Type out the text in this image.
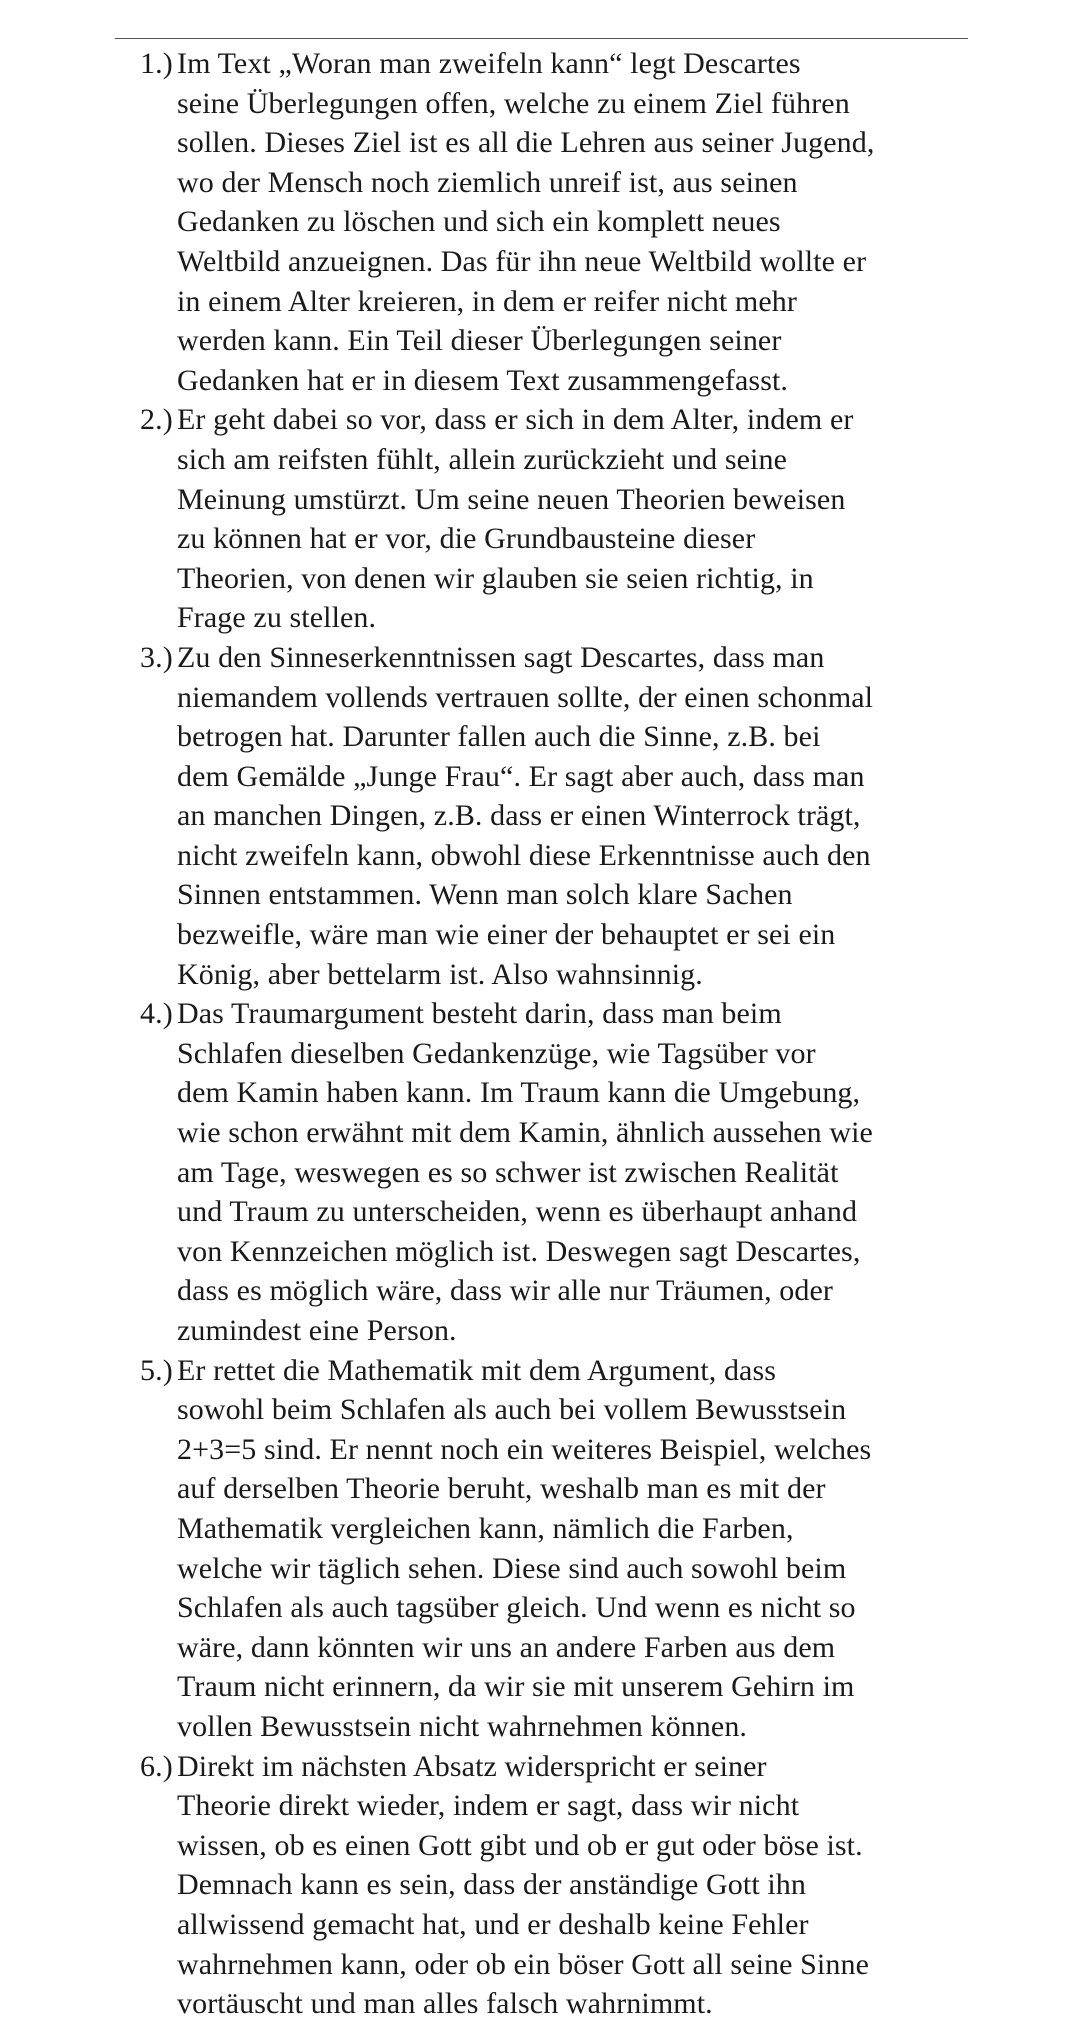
1.) Im Text „Woran man zweifeln kann“ legt Descartes
seine Überlegungen offen, welche zu einem Ziel führen
sollen. Dieses Ziel ist es all die Lehren aus seiner Jugend,
wo der Mensch noch ziemlich unreif ist, aus seinen
Gedanken zu löschen und sich ein komplett neues
Weltbild anzueignen. Das für ihn neue Weltbild wollte er
in einem Alter kreieren, in dem er reifer nicht mehr
werden kann. Ein Teil dieser Überlegungen seiner
Gedanken hat er in diesem Text zusammengefasst.
2.) Er geht dabei so vor, dass er sich in dem Alter, indem er
sich am reifsten fühlt, allein zurückzieht und seine
Meinung umstürzt. Um seine neuen Theorien beweisen
zu können hat er vor, die Grundbausteine dieser
Theorien, von denen wir glauben sie seien richtig, in
Frage zu stellen.
3.) Zu den Sinneserkenntnissen sagt Descartes, dass man
niemandem vollends vertrauen sollte, der einen schonmal
betrogen hat. Darunter fallen auch die Sinne, z.B. bei
dem Gemälde „Junge Frau“. Er sagt aber auch, dass man
an manchen Dingen, z.B. dass er einen Winterrock trägt,
nicht zweifeln kann, obwohl diese Erkenntnisse auch den
Sinnen entstammen. Wenn man solch klare Sachen
bezweifle, wäre man wie einer der behauptet er sei ein
König, aber bettelarm ist. Also wahnsinnig.
4.) Das Traumargument besteht darin, dass man beim
Schlafen dieselben Gedankenzüge, wie Tagsüber vor
dem Kamin haben kann. Im Traum kann die Umgebung,
wie schon erwähnt mit dem Kamin, ähnlich aussehen wie
am Tage, weswegen es so schwer ist zwischen Realität
und Traum zu unterscheiden, wenn es überhaupt anhand
von Kennzeichen möglich ist. Deswegen sagt Descartes,
dass es möglich wäre, dass wir alle nur Träumen, oder
zumindest eine Person.
5.) Er rettet die Mathematik mit dem Argument, dass
sowohl beim Schlafen als auch bei vollem Bewusstsein
2+3=5 sind. Er nennt noch ein weiteres Beispiel, welches
auf derselben Theorie beruht, weshalb man es mit der
Mathematik vergleichen kann, nämlich die Farben,
welche wir täglich sehen. Diese sind auch sowohl beim
Schlafen als auch tagsüber gleich. Und wenn es nicht so
wäre, dann könnten wir uns an andere Farben aus dem
Traum nicht erinnern, da wir sie mit unserem Gehirn im
vollen Bewusstsein nicht wahrnehmen können.
6.) Direkt im nächsten Absatz widerspricht er seiner
Theorie direkt wieder, indem er sagt, dass wir nicht
wissen, ob es einen Gott gibt und ob er gut oder böse ist.
Demnach kann es sein, dass der anständige Gott ihn
allwissend gemacht hat, und er deshalb keine Fehler
wahrnehmen kann, oder ob ein böser Gott all seine Sinne
vortäuscht und man alles falsch wahrnimmt.
